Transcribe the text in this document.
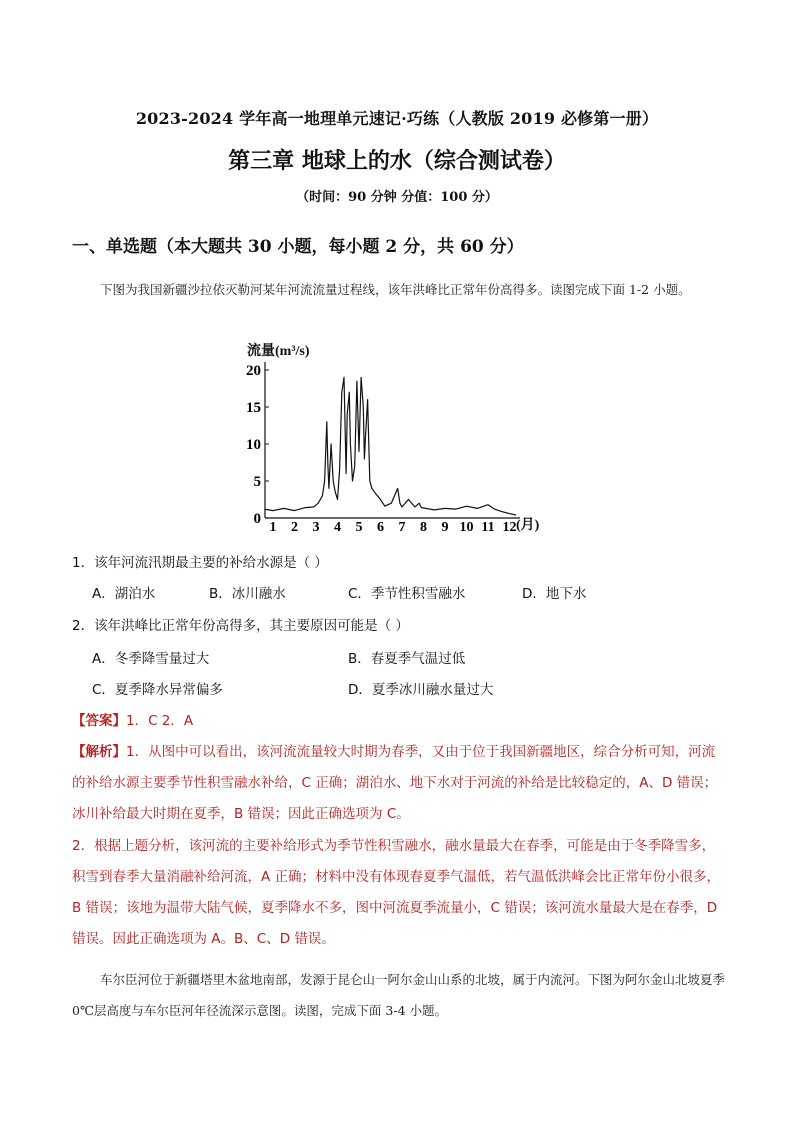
2023-2024 学年高一地理单元速记·巧练（人教版 2019 必修第一册）
第三章 地球上的水（综合测试卷）
（时间：90 分钟 分值：100 分）
一、单选题（本大题共 30 小题，每小题 2 分，共 60 分）
下图为我国新疆沙拉依灭勒河某年河流流量过程线，该年洪峰比正常年份高得多。读图完成下面 1-2 小题。
流量(m³/s)
0
5
10
15
20
1 2 3 4 5 6 7 8 9 10 11 12 (月)
1．该年河流汛期最主要的补给水源是（ ）
A．湖泊水	B．冰川融水	C．季节性积雪融水	D．地下水
2．该年洪峰比正常年份高得多，其主要原因可能是（ ）
A．冬季降雪量过大	B．春夏季气温过低
C．夏季降水异常偏多	D．夏季冰川融水量过大
【答案】1．C 2．A
【解析】1．从图中可以看出，该河流流量较大时期为春季，又由于位于我国新疆地区，综合分析可知，河流的补给水源主要季节性积雪融水补给，C 正确；湖泊水、地下水对于河流的补给是比较稳定的，A、D 错误；冰川补给最大时期在夏季，B 错误；因此正确选项为 C。
2．根据上题分析，该河流的主要补给形式为季节性积雪融水，融水量最大在春季，可能是由于冬季降雪多，积雪到春季大量消融补给河流，A 正确；材料中没有体现春夏季气温低，若气温低洪峰会比正常年份小很多，B 错误；该地为温带大陆气候，夏季降水不多，图中河流夏季流量小，C 错误；该河流水量最大是在春季，D 错误。因此正确选项为 A。B、C、D 错误。
车尔臣河位于新疆塔里木盆地南部，发源于昆仑山一阿尔金山山系的北坡，属于内流河。下图为阿尔金山北坡夏季 0℃层高度与车尔臣河年径流深示意图。读图，完成下面 3-4 小题。
